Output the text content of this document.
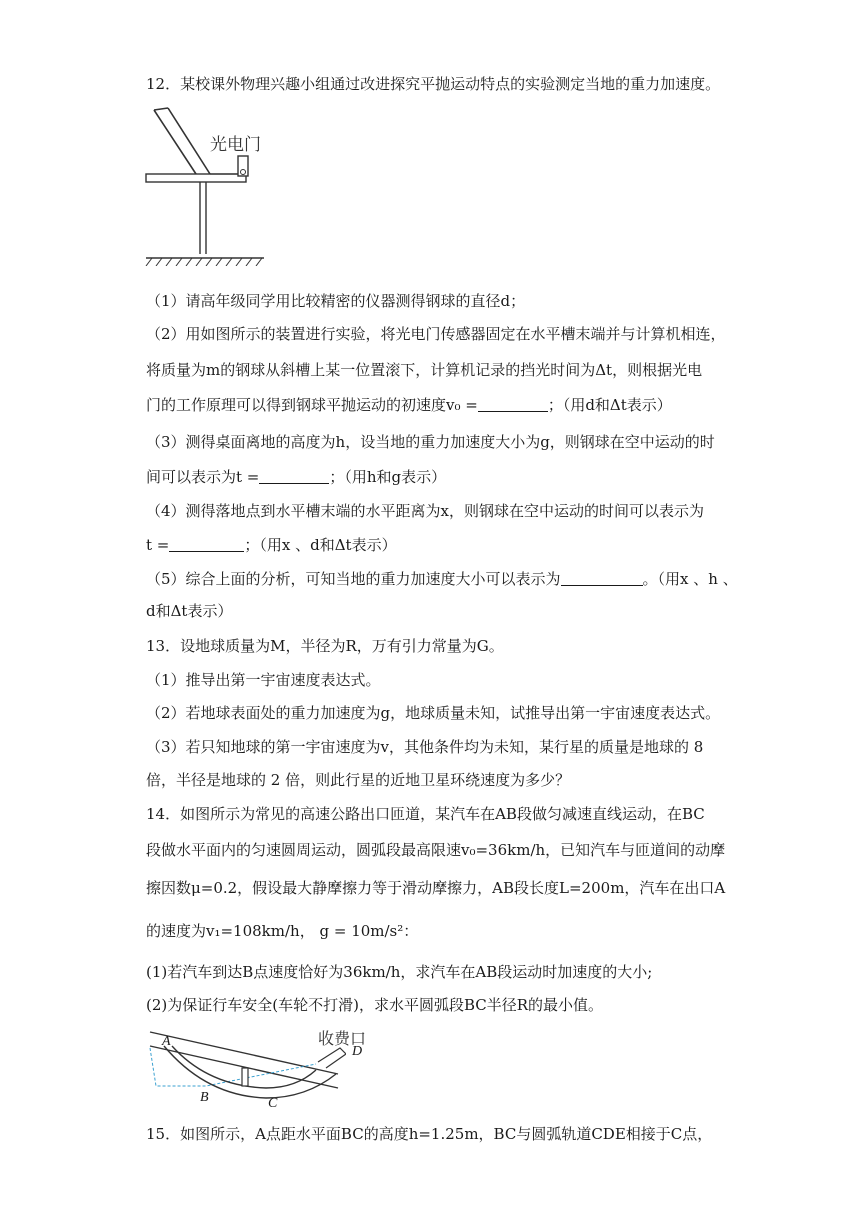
12．某校课外物理兴趣小组通过改进探究平抛运动特点的实验测定当地的重力加速度。
光电门
（1）请高年级同学用比较精密的仪器测得钢球的直径d；
（2）用如图所示的装置进行实验，将光电门传感器固定在水平槽末端并与计算机相连，
将质量为m的钢球从斜槽上某一位置滚下，计算机记录的挡光时间为Δt，则根据光电
门的工作原理可以得到钢球平抛运动的初速度v₀ =	；（用d和Δt表示）
（3）测得桌面离地的高度为h，设当地的重力加速度大小为g，则钢球在空中运动的时
间可以表示为t =	；（用h和g表示）
（4）测得落地点到水平槽末端的水平距离为x，则钢球在空中运动的时间可以表示为
t =	；（用x 、d和Δt表示）
（5）综合上面的分析，可知当地的重力加速度大小可以表示为	。（用x 、h 、
d和Δt表示）
13．设地球质量为M，半径为R，万有引力常量为G。
（1）推导出第一宇宙速度表达式。
（2）若地球表面处的重力加速度为g，地球质量未知，试推导出第一宇宙速度表达式。
（3）若只知地球的第一宇宙速度为v，其他条件均为未知，某行星的质量是地球的 8
倍，半径是地球的 2 倍，则此行星的近地卫星环绕速度为多少？
14．如图所示为常见的高速公路出口匝道，某汽车在AB段做匀减速直线运动，在BC
段做水平面内的匀速圆周运动，圆弧段最高限速v₀=36km/h，已知汽车与匝道间的动摩
擦因数μ=0.2，假设最大静摩擦力等于滑动摩擦力，AB段长度L=200m，汽车在出口A
的速度为v₁=108km/h， g = 10m/s²：
(1)若汽车到达B点速度恰好为36km/h，求汽车在AB段运动时加速度的大小;
(2)为保证行车安全(车轮不打滑)，求水平圆弧段BC半径R的最小值。
收费口
A
B	C
D
15．如图所示，A点距水平面BC的高度h=1.25m，BC与圆弧轨道CDE相接于C点，
